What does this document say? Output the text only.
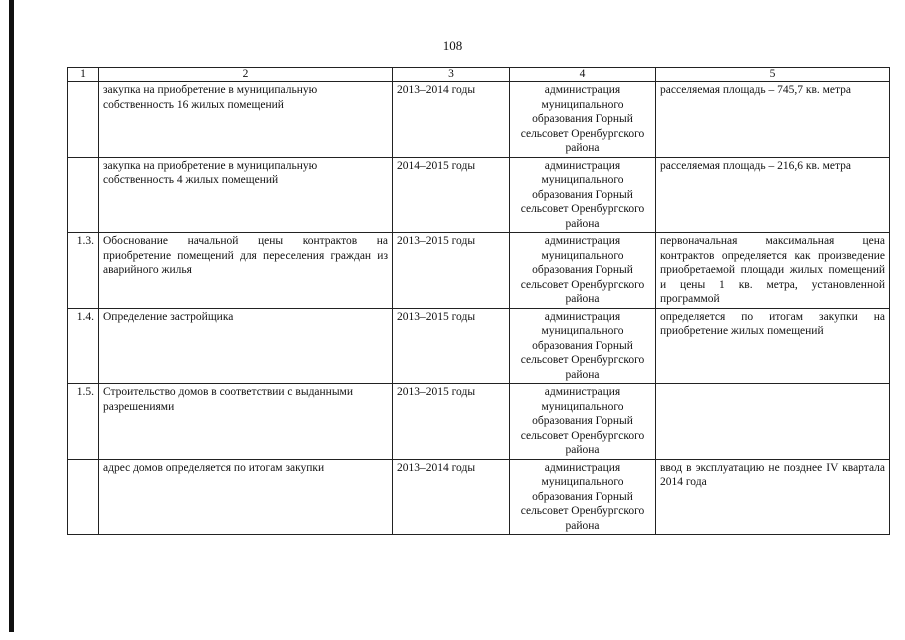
108
1	2	3	4	5
	закупка на приобретение в муниципальную собственность 16 жилых помещений	2013–2014 годы	администрация муниципального образования Горный сельсовет Оренбургского района	расселяемая площадь – 745,7 кв. метра
	закупка на приобретение в муниципальную собственность 4 жилых помещений	2014–2015 годы	администрация муниципального образования Горный сельсовет Оренбургского района	расселяемая площадь – 216,6 кв. метра
1.3.	Обоснование начальной цены контрактов на приобретение помещений для переселения граждан из аварийного жилья	2013–2015 годы	администрация муниципального образования Горный сельсовет Оренбургского района	первоначальная максимальная цена контрактов определяется как произведение приобретаемой площади жилых помещений и цены 1 кв. метра, установленной программой
1.4.	Определение застройщика	2013–2015 годы	администрация муниципального образования Горный сельсовет Оренбургского района	определяется по итогам закупки на приобретение жилых помещений
1.5.	Строительство домов в соответствии с выданными разрешениями	2013–2015 годы	администрация муниципального образования Горный сельсовет Оренбургского района	
	адрес домов определяется по итогам закупки	2013–2014 годы	администрация муниципального образования Горный сельсовет Оренбургского района	ввод в эксплуатацию не позднее IV квартала 2014 года
